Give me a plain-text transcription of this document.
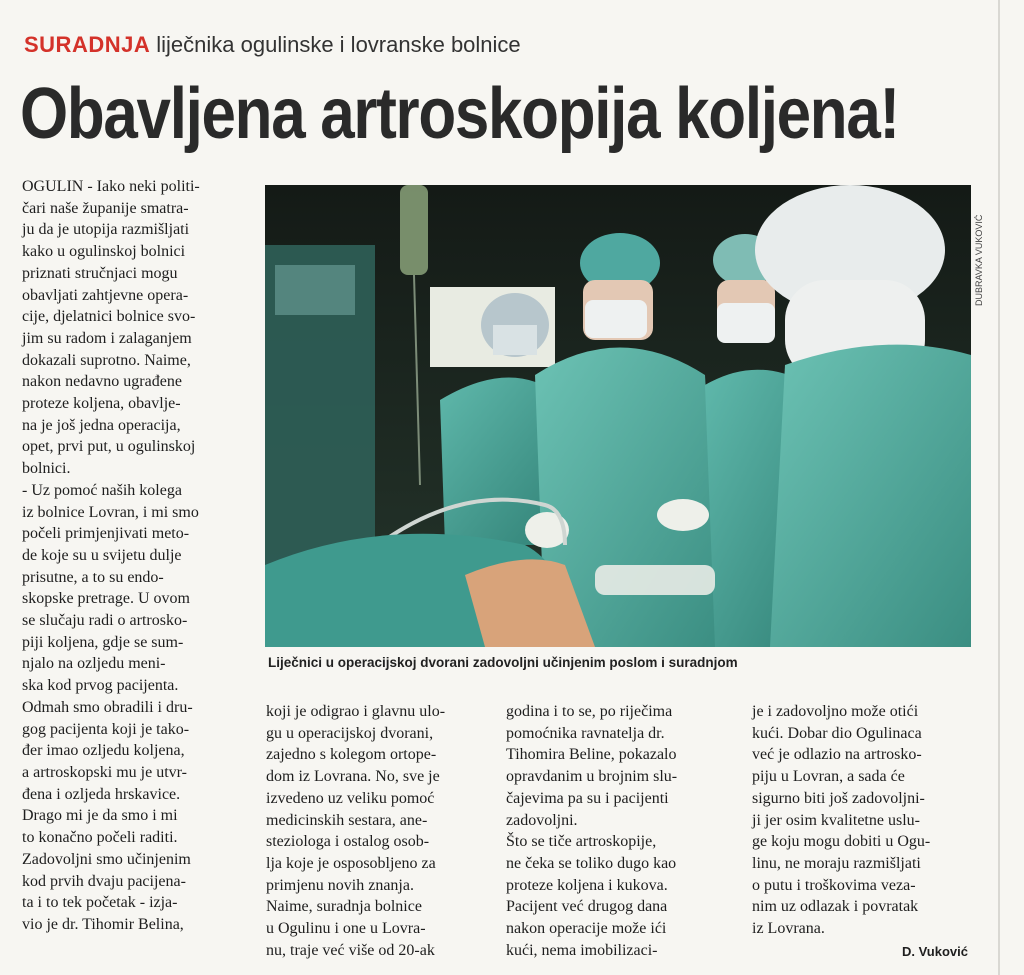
SURADNJA liječnika ogulinske i lovranske bolnice
Obavljena artroskopija koljena!
OGULIN - Iako neki politi-
čari naše županije smatra-
ju da je utopija razmišljati
kako u ogulinskoj bolnici
priznati stručnjaci mogu
obavljati zahtjevne opera-
cije, djelatnici bolnice svo-
jim su radom i zalaganjem
dokazali suprotno. Naime,
nakon nedavno ugrađene
proteze koljena, obavlje-
na je još jedna operacija,
opet, prvi put, u ogulinskoj
bolnici.
- Uz pomoć naših kolega
iz bolnice Lovran, i mi smo
počeli primjenjivati meto-
de koje su u svijetu dulje
prisutne, a to su endo-
skopske pretrage. U ovom
se slučaju radi o artrosko-
piji koljena, gdje se sum-
njalo na ozljedu meni-
ska kod prvog pacijenta.
Odmah smo obradili i dru-
gog pacijenta koji je tako-
đer imao ozljedu koljena,
a artroskopski mu je utvr-
đena i ozljeda hrskavice.
Drago mi je da smo i mi
to konačno počeli raditi.
Zadovoljni smo učinjenim
kod prvih dvaju pacijena-
ta i to tek početak - izja-
vio je dr. Tihomir Belina,
DUBRAVKA VUKOVIĆ
Liječnici u operacijskoj dvorani zadovoljni učinjenim poslom i suradnjom
koji je odigrao i glavnu ulo-
gu u operacijskoj dvorani,
zajedno s kolegom ortope-
dom iz Lovrana. No, sve je
izvedeno uz veliku pomoć
medicinskih sestara, ane-
steziologa i ostalog osob-
lja koje je osposobljeno za
primjenu novih znanja.
Naime, suradnja bolnice
u Ogulinu i one u Lovra-
nu, traje već više od 20-ak
godina i to se, po riječima
pomoćnika ravnatelja dr.
Tihomira Beline, pokazalo
opravdanim u brojnim slu-
čajevima pa su i pacijenti
zadovoljni.
Što se tiče artroskopije,
ne čeka se toliko dugo kao
proteze koljena i kukova.
Pacijent već drugog dana
nakon operacije može ići
kući, nema imobilizaci-
je i zadovoljno može otići
kući. Dobar dio Ogulinaca
već je odlazio na artrosko-
piju u Lovran, a sada će
sigurno biti još zadovoljni-
ji jer osim kvalitetne uslu-
ge koju mogu dobiti u Ogu-
linu, ne moraju razmišljati
o putu i troškovima veza-
nim uz odlazak i povratak
iz Lovrana.
D. Vuković
